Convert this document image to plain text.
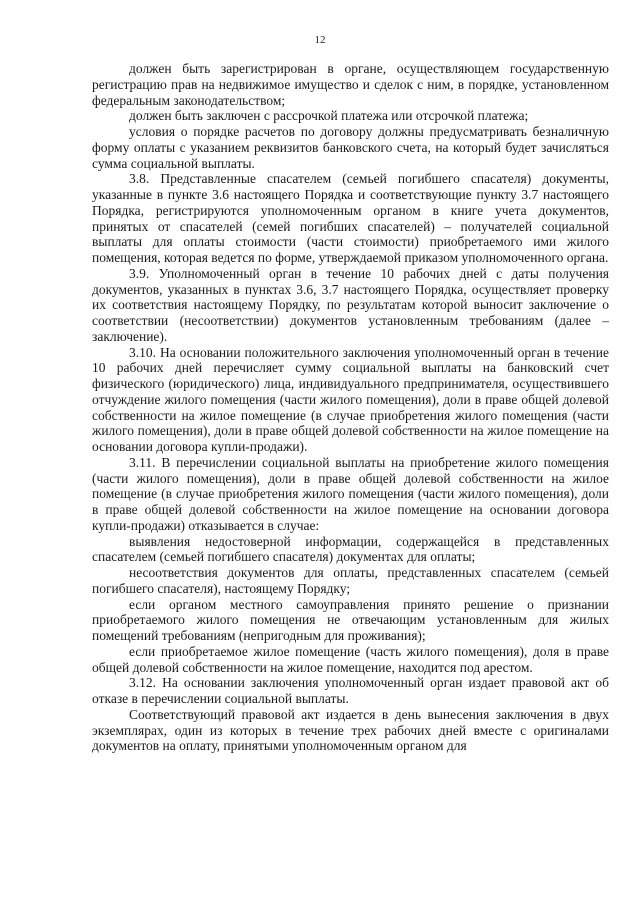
12

должен быть зарегистрирован в органе, осуществляющем государственную регистрацию прав на недвижимое имущество и сделок с ним, в порядке, установленном федеральным законодательством;

должен быть заключен с рассрочкой платежа или отсрочкой платежа;

условия о порядке расчетов по договору должны предусматривать безналичную форму оплаты с указанием реквизитов банковского счета, на который будет зачисляться сумма социальной выплаты.

3.8. Представленные спасателем (семьей погибшего спасателя) документы, указанные в пункте 3.6 настоящего Порядка и соответствующие пункту 3.7 настоящего Порядка, регистрируются уполномоченным органом в книге учета документов, принятых от спасателей (семей погибших спасателей) – получателей социальной выплаты для оплаты стоимости (части стоимости) приобретаемого ими жилого помещения, которая ведется по форме, утверждаемой приказом уполномоченного органа.

3.9. Уполномоченный орган в течение 10 рабочих дней с даты получения документов, указанных в пунктах 3.6, 3.7 настоящего Порядка, осуществляет проверку их соответствия настоящему Порядку, по результатам которой выносит заключение о соответствии (несоответствии) документов установленным требованиям (далее – заключение).

3.10. На основании положительного заключения уполномоченный орган в течение 10 рабочих дней перечисляет сумму социальной выплаты на банковский счет физического (юридического) лица, индивидуального предпринимателя, осуществившего отчуждение жилого помещения (части жилого помещения), доли в праве общей долевой собственности на жилое помещение (в случае приобретения жилого помещения (части жилого помещения), доли в праве общей долевой собственности на жилое помещение на основании договора купли-продажи).

3.11. В перечислении социальной выплаты на приобретение жилого помещения (части жилого помещения), доли в праве общей долевой собственности на жилое помещение (в случае приобретения жилого помещения (части жилого помещения), доли в праве общей долевой собственности на жилое помещение на основании договора купли-продажи) отказывается в случае:

выявления недостоверной информации, содержащейся в представленных спасателем (семьей погибшего спасателя) документах для оплаты;

несоответствия документов для оплаты, представленных спасателем (семьей погибшего спасателя), настоящему Порядку;

если органом местного самоуправления принято решение о признании приобретаемого жилого помещения не отвечающим установленным для жилых помещений требованиям (непригодным для проживания);

если приобретаемое жилое помещение (часть жилого помещения), доля в праве общей долевой собственности на жилое помещение, находится под арестом.

3.12. На основании заключения уполномоченный орган издает правовой акт об отказе в перечислении социальной выплаты.

Соответствующий правовой акт издается в день вынесения заключения в двух экземплярах, один из которых в течение трех рабочих дней вместе с оригиналами документов на оплату, принятыми уполномоченным органом для
